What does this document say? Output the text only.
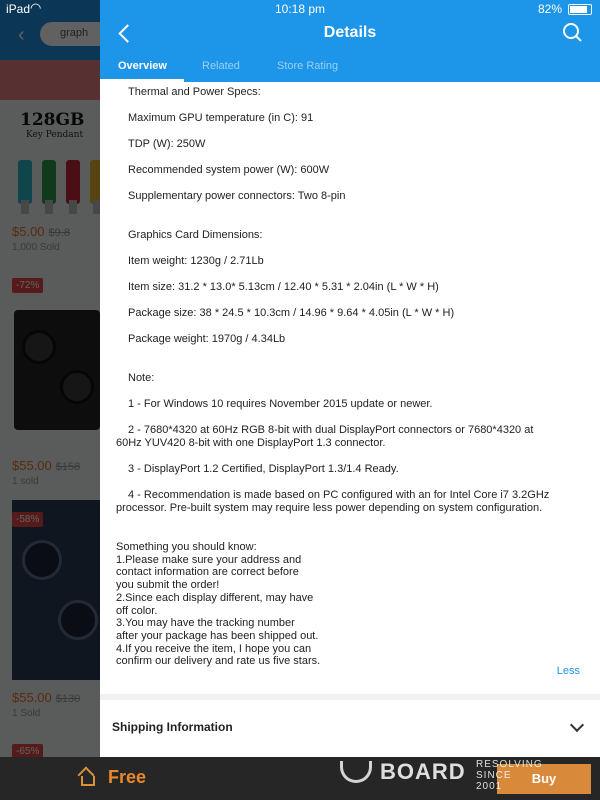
iPad ◠	10:18 pm	82%
Details
Overview	Related	Store Rating
Thermal and Power Specs:
Maximum GPU temperature (in C): 91
TDP (W): 250W
Recommended system power (W): 600W
Supplementary power connectors: Two 8-pin
Graphics Card Dimensions:
Item weight: 1230g / 2.71Lb
Item size: 31.2 * 13.0* 5.13cm / 12.40 * 5.31 * 2.04in (L * W * H)
Package size: 38 * 24.5 * 10.3cm / 14.96 * 9.64 * 4.05in (L * W * H)
Package weight: 1970g / 4.34Lb
Note:
1 - For Windows 10 requires November 2015 update or newer.
2 - 7680*4320 at 60Hz RGB 8-bit with dual DisplayPort connectors or 7680*4320 at 60Hz YUV420 8-bit with one DisplayPort 1.3 connector.
3 - DisplayPort 1.2 Certified, DisplayPort 1.3/1.4 Ready.
4 - Recommendation is made based on PC configured with an for Intel Core i7 3.2GHz processor. Pre-built system may require less power depending on system configuration.
Something you should know:
1.Please make sure your address and
contact information are correct before
you submit the order!
2.Since each display different, may have
off color.
3.You may have the tracking number
after your package has been shipped out.
4.If you receive the item, I hope you can
confirm our delivery and rate us five stars.
Less
Shipping Information
Free	Buy
BOARD RESOLVING
SINCE 2001
